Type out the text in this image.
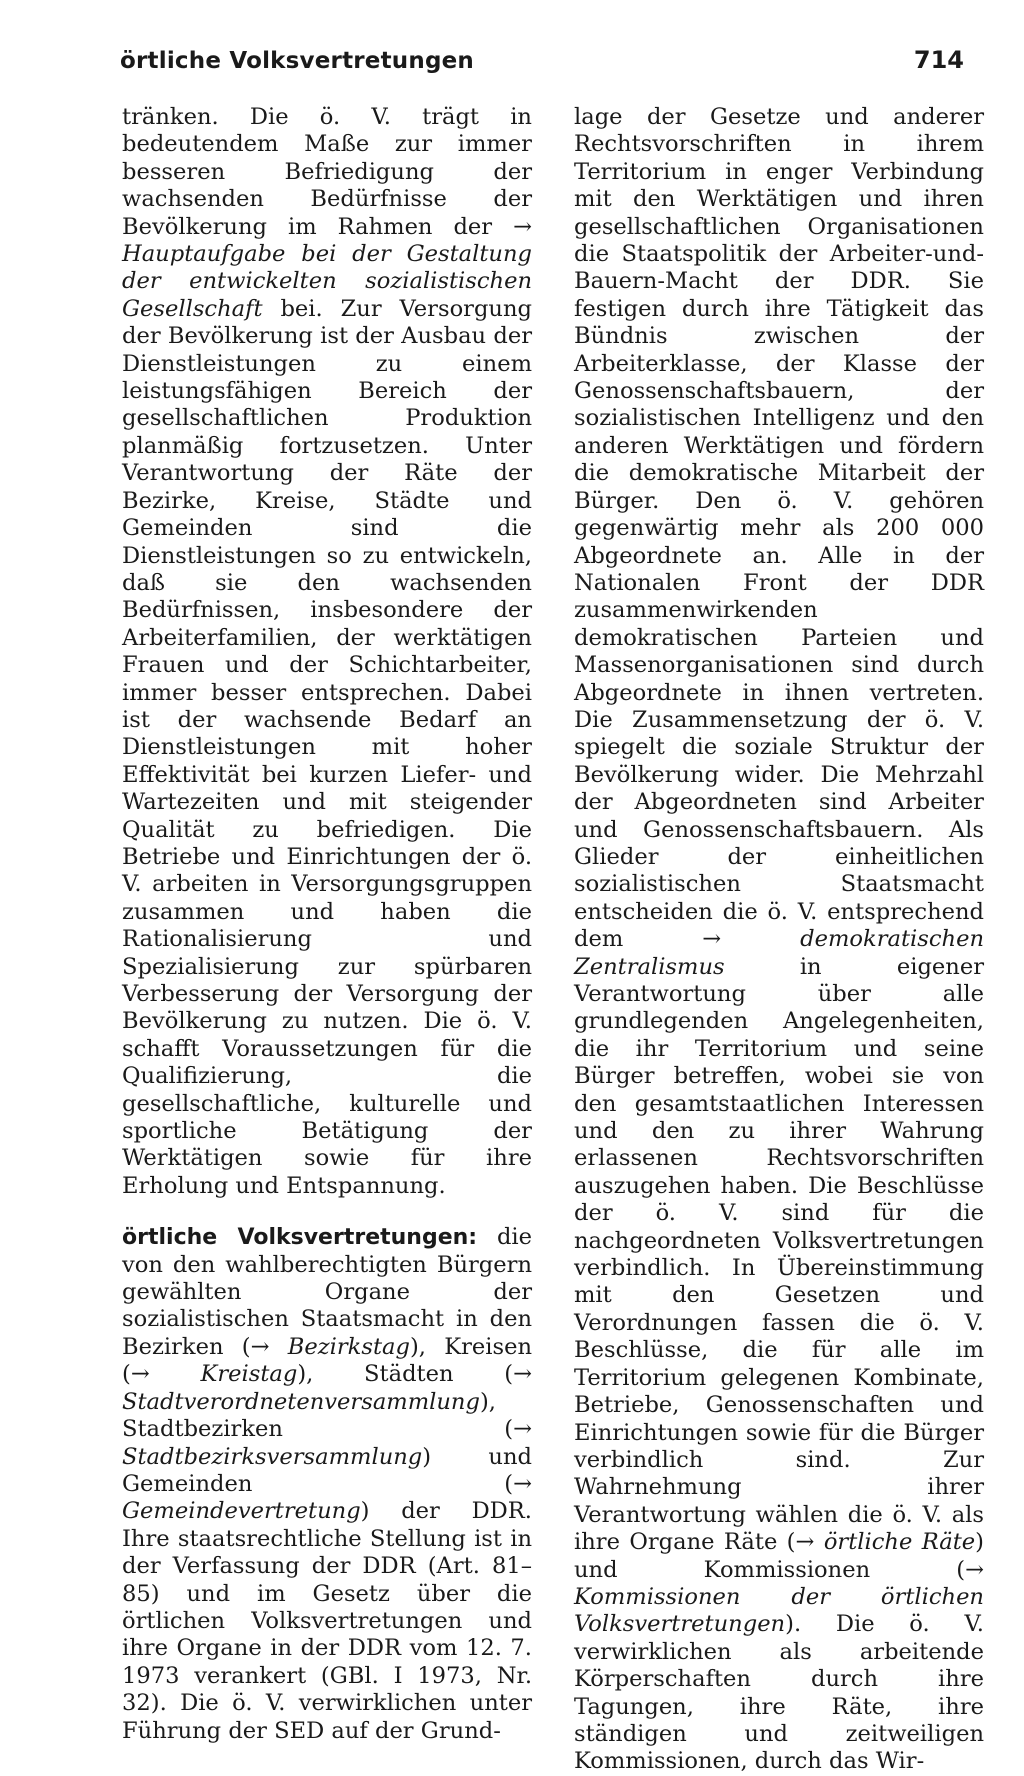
örtliche Volksvertretungen	714

tränken. Die ö. V. trägt in bedeutendem Maße zur immer besseren Befriedigung der wachsenden Bedürfnisse der Bevölkerung im Rahmen der → Hauptaufgabe bei der Gestaltung der entwickelten sozialistischen Gesellschaft bei. Zur Versorgung der Bevölkerung ist der Ausbau der Dienstleistungen zu einem leistungsfähigen Bereich der gesellschaftlichen Produktion planmäßig fortzusetzen. Unter Verantwortung der Räte der Bezirke, Kreise, Städte und Gemeinden sind die Dienstleistungen so zu entwickeln, daß sie den wachsenden Bedürfnissen, insbesondere der Arbeiterfamilien, der werktätigen Frauen und der Schichtarbeiter, immer besser entsprechen. Dabei ist der wachsende Bedarf an Dienstleistungen mit hoher Effektivität bei kurzen Liefer- und Wartezeiten und mit steigender Qualität zu befriedigen. Die Betriebe und Einrichtungen der ö. V. arbeiten in Versorgungsgruppen zusammen und haben die Rationalisierung und Spezialisierung zur spürbaren Verbesserung der Versorgung der Bevölkerung zu nutzen. Die ö. V. schafft Voraussetzungen für die Qualifizierung, die gesellschaftliche, kulturelle und sportliche Betätigung der Werktätigen sowie für ihre Erholung und Entspannung.

örtliche Volksvertretungen: die von den wahlberechtigten Bürgern gewählten Organe der sozialistischen Staatsmacht in den Bezirken (→ Bezirkstag), Kreisen (→ Kreistag), Städten (→ Stadtverordnetenversammlung), Stadtbezirken (→ Stadtbezirksversammlung) und Gemeinden (→ Gemeindevertretung) der DDR. Ihre staatsrechtliche Stellung ist in der Verfassung der DDR (Art. 81–85) und im Gesetz über die örtlichen Volksvertretungen und ihre Organe in der DDR vom 12. 7. 1973 verankert (GBl. I 1973, Nr. 32). Die ö. V. verwirklichen unter Führung der SED auf der Grund-

lage der Gesetze und anderer Rechtsvorschriften in ihrem Territorium in enger Verbindung mit den Werktätigen und ihren gesellschaftlichen Organisationen die Staatspolitik der Arbeiter-und-Bauern-Macht der DDR. Sie festigen durch ihre Tätigkeit das Bündnis zwischen der Arbeiterklasse, der Klasse der Genossenschaftsbauern, der sozialistischen Intelligenz und den anderen Werktätigen und fördern die demokratische Mitarbeit der Bürger. Den ö. V. gehören gegenwärtig mehr als 200 000 Abgeordnete an. Alle in der Nationalen Front der DDR zusammenwirkenden demokratischen Parteien und Massenorganisationen sind durch Abgeordnete in ihnen vertreten. Die Zusammensetzung der ö. V. spiegelt die soziale Struktur der Bevölkerung wider. Die Mehrzahl der Abgeordneten sind Arbeiter und Genossenschaftsbauern. Als Glieder der einheitlichen sozialistischen Staatsmacht entscheiden die ö. V. entsprechend dem →	demokratischen Zentralismus in eigener Verantwortung über alle grundlegenden Angelegenheiten, die ihr Territorium und seine Bürger betreffen, wobei sie von den gesamtstaatlichen Interessen und den zu ihrer Wahrung erlassenen Rechtsvorschriften auszugehen haben. Die Beschlüsse der ö. V. sind für die nachgeordneten Volksvertretungen verbindlich. In Übereinstimmung mit den Gesetzen und Verordnungen fassen die ö. V. Beschlüsse, die für alle im Territorium gelegenen Kombinate, Betriebe, Genossenschaften und Einrichtungen sowie für die Bürger verbindlich sind. Zur Wahrnehmung ihrer Verantwortung wählen die ö. V. als ihre Organe Räte (→ örtliche Räte) und Kommissionen (→ Kommissionen der örtlichen Volksvertretungen). Die ö. V. verwirklichen als arbeitende Körperschaften durch ihre Tagungen, ihre Räte, ihre ständigen und zeitweiligen Kommissionen, durch das Wir-
